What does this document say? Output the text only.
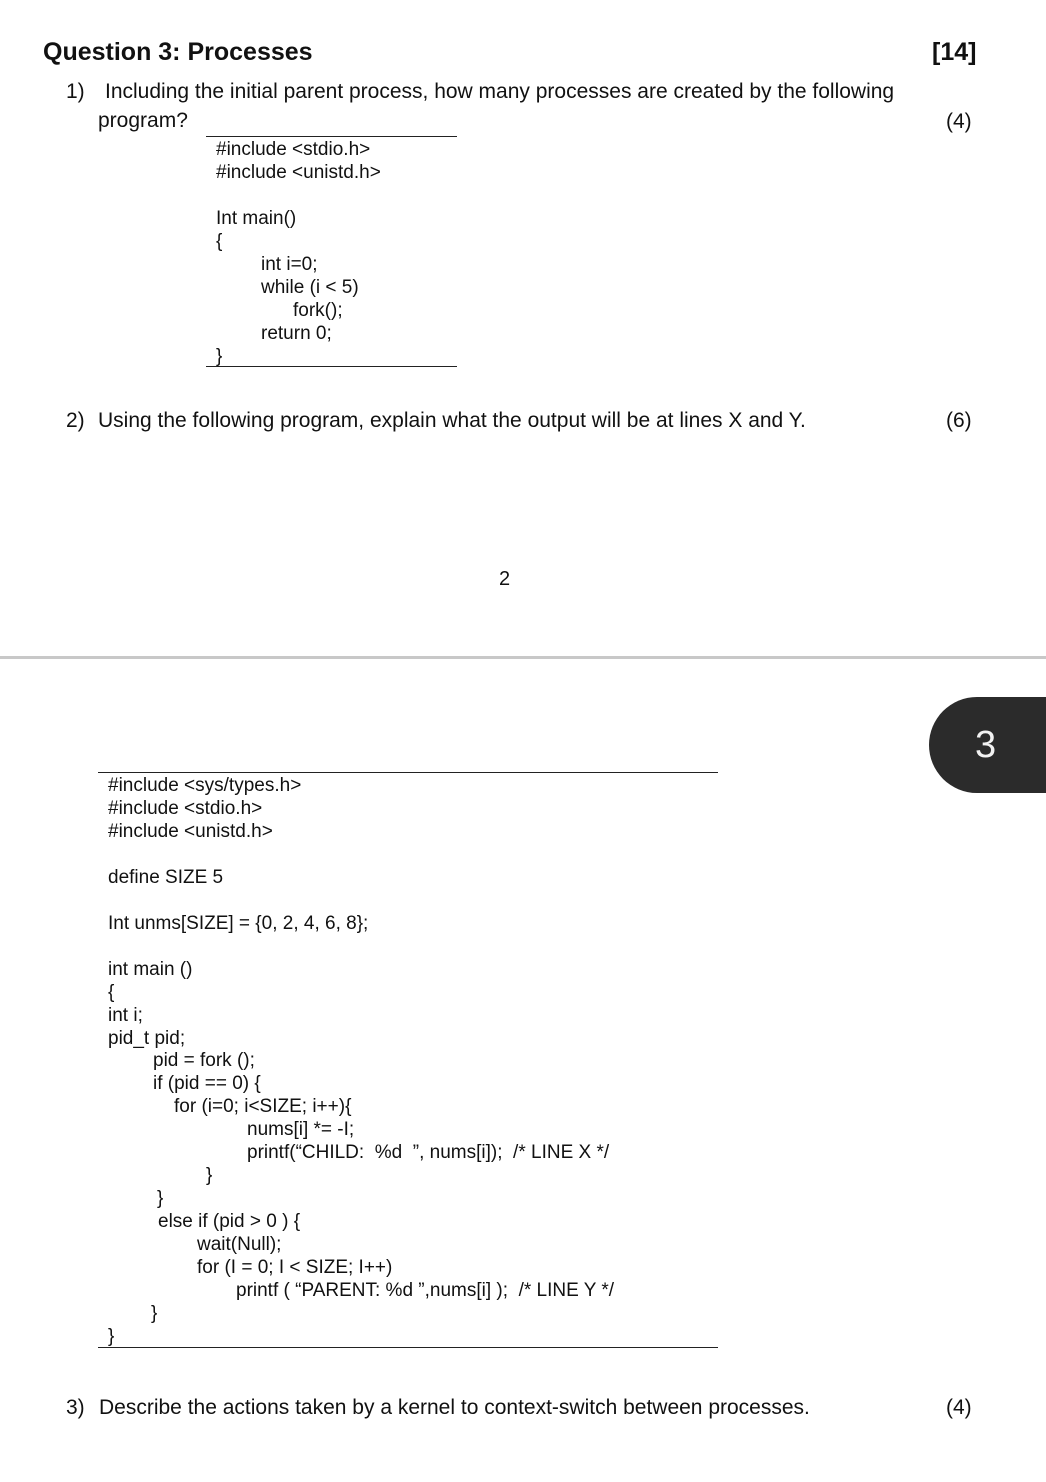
Question 3: Processes	[14]
1) Including the initial parent process, how many processes are created by the following
program?	(4)
#include <stdio.h>
#include <unistd.h>
Int main()
{
int i=0;
while (i < 5)
fork();
return 0;
}
2) Using the following program, explain what the output will be at lines X and Y.	(6)
2
3
#include <sys/types.h>
#include <stdio.h>
#include <unistd.h>
define SIZE 5
Int unms[SIZE] = {0, 2, 4, 6, 8};
int main ()
{
int i;
pid_t pid;
pid = fork ();
if (pid == 0) {
for (i=0; i<SIZE; i++){
nums[i] *= -I;
printf(“CHILD:  %d  ”, nums[i]);  /* LINE X */
}
}
else if (pid > 0 ) {
wait(Null);
for (I = 0; I < SIZE; I++)
printf ( “PARENT: %d ”,nums[i] );  /* LINE Y */
}
}
3) Describe the actions taken by a kernel to context-switch between processes.	(4)
